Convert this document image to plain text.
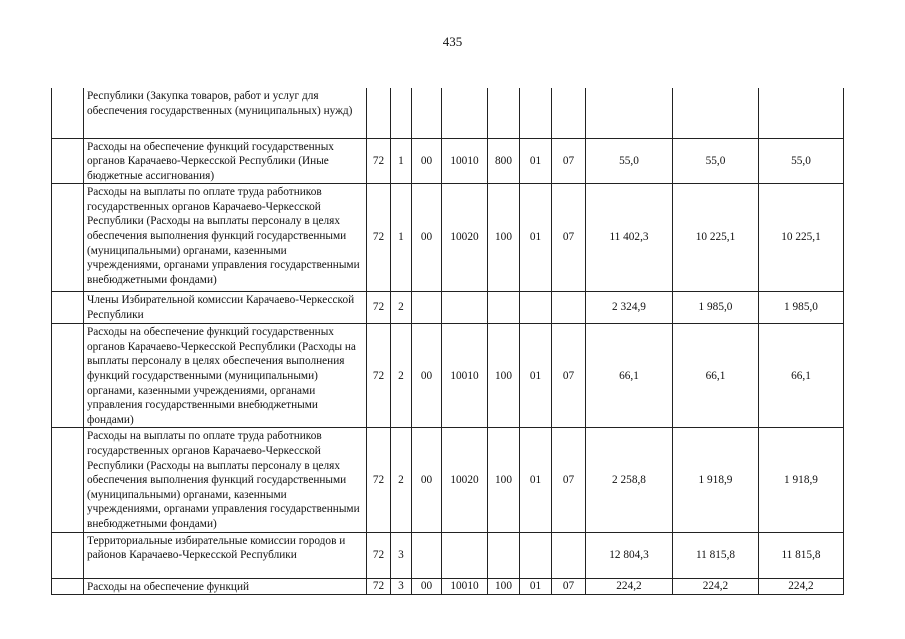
435
	Республики (Закупка товаров, работ и услуг для обеспечения государственных (муниципальных) нужд)										
	Расходы на обеспечение функций государственных органов Карачаево-Черкесской Республики (Иные бюджетные ассигнования)	72	1	00	10010	800	01	07	55,0	55,0	55,0
	Расходы на выплаты по оплате труда работников государственных органов Карачаево-Черкесской Республики (Расходы на выплаты персоналу в целях обеспечения выполнения функций государственными (муниципальными) органами, казенными учреждениями, органами управления государственными внебюджетными фондами)	72	1	00	10020	100	01	07	11 402,3	10 225,1	10 225,1
	Члены Избирательной комиссии Карачаево-Черкесской Республики	72	2						2 324,9	1 985,0	1 985,0
	Расходы на обеспечение функций государственных органов Карачаево-Черкесской Республики (Расходы на выплаты персоналу в целях обеспечения выполнения функций государственными (муниципальными) органами, казенными учреждениями, органами управления государственными внебюджетными фондами)	72	2	00	10010	100	01	07	66,1	66,1	66,1
	Расходы на выплаты по оплате труда работников государственных органов Карачаево-Черкесской Республики (Расходы на выплаты персоналу в целях обеспечения выполнения функций государственными (муниципальными) органами, казенными учреждениями, органами управления государственными внебюджетными фондами)	72	2	00	10020	100	01	07	2 258,8	1 918,9	1 918,9
	Территориальные избирательные комиссии городов и районов Карачаево-Черкесской Республики	72	3						12 804,3	11 815,8	11 815,8
	Расходы на обеспечение функций	72	3	00	10010	100	01	07	224,2	224,2	224,2
